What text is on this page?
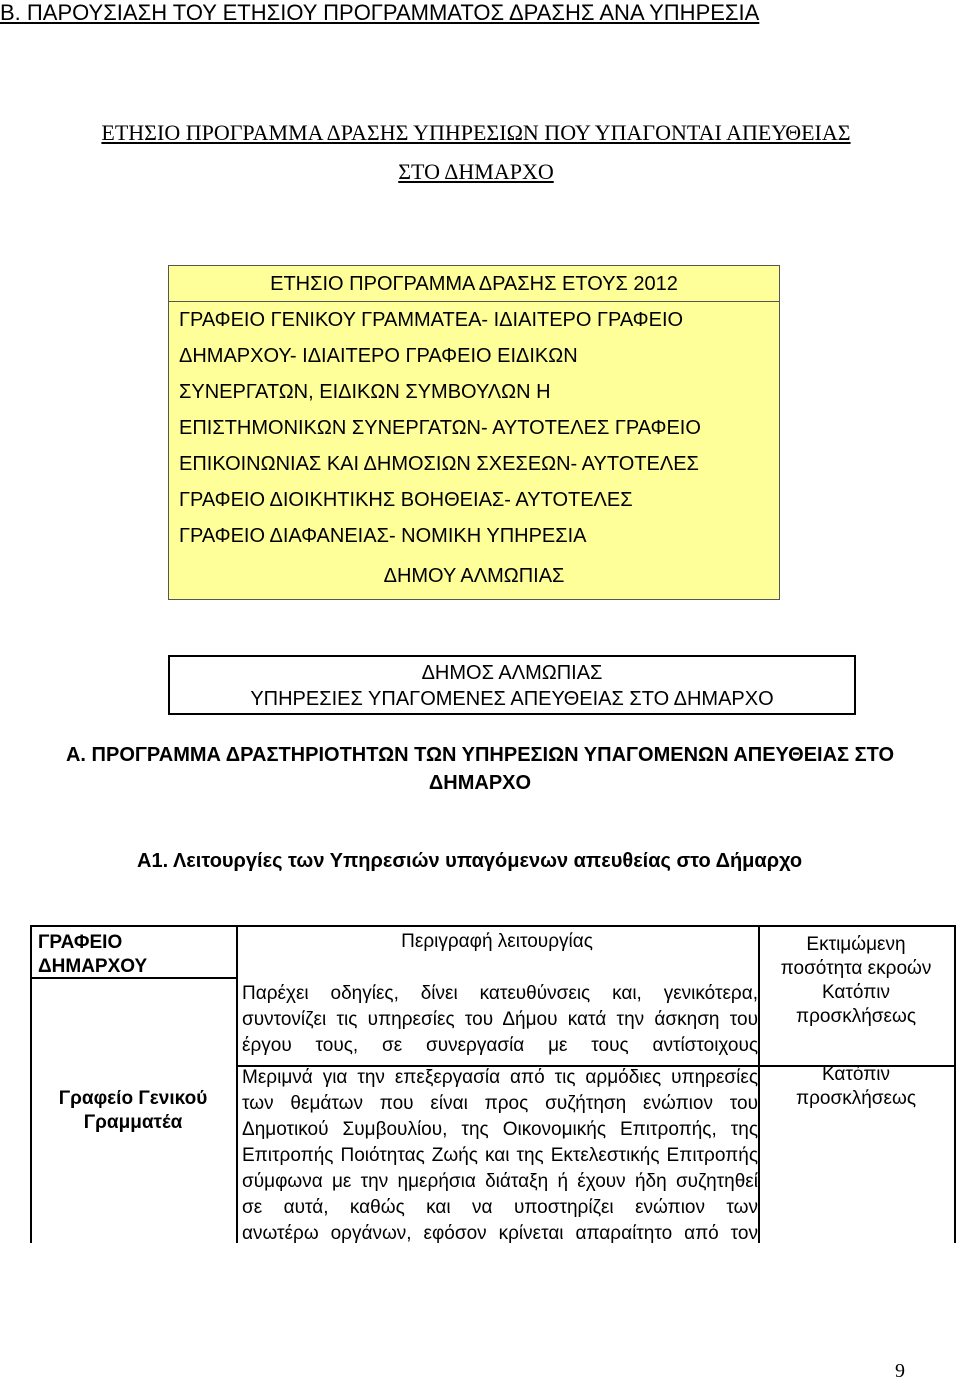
Β. ΠΑΡΟΥΣΙΑΣΗ ΤΟΥ ΕΤΗΣΙΟΥ ΠΡΟΓΡΑΜΜΑΤΟΣ ΔΡΑΣΗΣ ΑΝΑ ΥΠΗΡΕΣΙΑ
ΕΤΗΣΙΟ ΠΡΟΓΡΑΜΜΑ ΔΡΑΣΗΣ ΥΠΗΡΕΣΙΩΝ ΠΟΥ ΥΠΑΓΟΝΤΑΙ ΑΠΕΥΘΕΙΑΣ
ΣΤΟ ΔΗΜΑΡΧΟ
ΕΤΗΣΙΟ ΠΡΟΓΡΑΜΜΑ ΔΡΑΣΗΣ ΕΤΟΥΣ 2012
ΓΡΑΦΕΙΟ ΓΕΝΙΚΟΥ ΓΡΑΜΜΑΤΕΑ- ΙΔΙΑΙΤΕΡΟ ΓΡΑΦΕΙΟ
ΔΗΜΑΡΧΟΥ- ΙΔΙΑΙΤΕΡΟ ΓΡΑΦΕΙΟ ΕΙΔΙΚΩΝ
ΣΥΝΕΡΓΑΤΩΝ, ΕΙΔΙΚΩΝ ΣΥΜΒΟΥΛΩΝ Η
ΕΠΙΣΤΗΜΟΝΙΚΩΝ ΣΥΝΕΡΓΑΤΩΝ- ΑΥΤΟΤΕΛΕΣ ΓΡΑΦΕΙΟ
ΕΠΙΚΟΙΝΩΝΙΑΣ ΚΑΙ ΔΗΜΟΣΙΩΝ ΣΧΕΣΕΩΝ- ΑΥΤΟΤΕΛΕΣ
ΓΡΑΦΕΙΟ ΔΙΟΙΚΗΤΙΚΗΣ ΒΟΗΘΕΙΑΣ- ΑΥΤΟΤΕΛΕΣ
ΓΡΑΦΕΙΟ ΔΙΑΦΑΝΕΙΑΣ- ΝΟΜΙΚΗ ΥΠΗΡΕΣΙΑ
ΔΗΜΟΥ ΑΛΜΩΠΙΑΣ
ΔΗΜΟΣ ΑΛΜΩΠΙΑΣ
ΥΠΗΡΕΣΙΕΣ ΥΠΑΓΟΜΕΝΕΣ ΑΠΕΥΘΕΙΑΣ ΣΤΟ ΔΗΜΑΡΧΟ
Α. ΠΡΟΓΡΑΜΜΑ ΔΡΑΣΤΗΡΙΟΤΗΤΩΝ ΤΩΝ ΥΠΗΡΕΣΙΩΝ ΥΠΑΓΟΜΕΝΩΝ ΑΠΕΥΘΕΙΑΣ ΣΤΟ
ΔΗΜΑΡΧΟ
Α1. Λειτουργίες των Υπηρεσιών υπαγόμενων απευθείας στο Δήμαρχο
ΓΡΑΦΕΙΟ
ΔΗΜΑΡΧΟΥ
Περιγραφή λειτουργίας	Εκτιμώμενη
ποσότητα εκροών
Γραφείο Γενικού
Γραμματέα
Παρέχει οδηγίες, δίνει κατευθύνσεις και, γενικότερα,
συντονίζει τις υπηρεσίες του Δήμου κατά την άσκηση του
έργου τους, σε συνεργασία με τους αντίστοιχους
Κατόπιν
προσκλήσεως
Μεριμνά για την επεξεργασία από τις αρμόδιες υπηρεσίες
των θεμάτων που είναι προς συζήτηση ενώπιον του
Δημοτικού Συμβουλίου, της Οικονομικής Επιτροπής, της
Επιτροπής Ποιότητας Ζωής και της Εκτελεστικής Επιτροπής
σύμφωνα με την ημερήσια διάταξη ή έχουν ήδη συζητηθεί
σε αυτά, καθώς και να υποστηρίζει ενώπιον των
ανωτέρω οργάνων, εφόσον κρίνεται απαραίτητο από τον
Κατόπιν
προσκλήσεως
9
